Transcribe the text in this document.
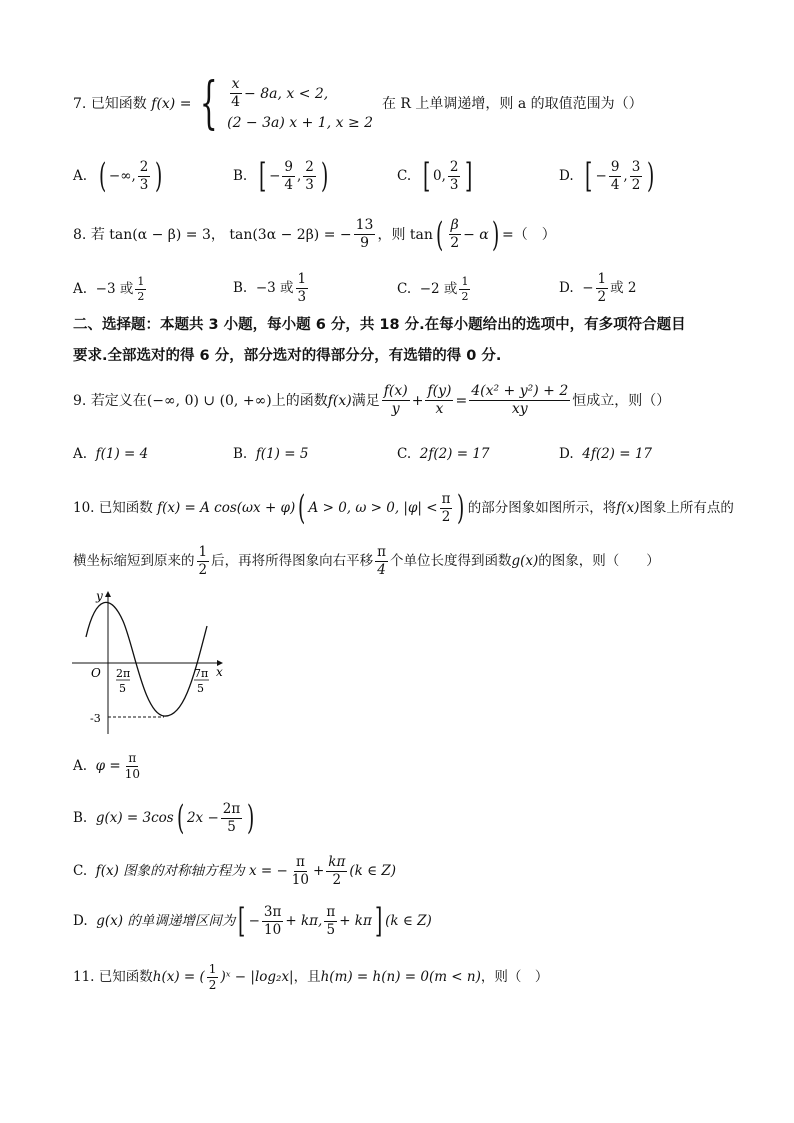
7.
已知函数
f(x)
= { x
4
− 8a, x < 2,
(2 − 3a) x + 1, x ≥ 2

在 R 上单调递增，则 a 的取值范围为（）
A.
( −∞,
2
3 )	B.
[ − $\frac{9}{4}$ ,
2
3 )	C.
[ 0,
2
3 ]	D.
[ − $\frac{9}{4}$ ,
3
2 )
8.
若 tan(α − β) = 3，
tan(3α − 2β) = − $\frac{13}{9}$ ，则 tan ( β
2
− α ) =（　）
A.
−3 或 1
2
B.
−3 或
1
3	C.
−2 或 1
2
D.
− $\frac{1}{2}$ 或 2
二、选择题：本题共 3 小题，每小题 6 分，共 18 分.在每小题给出的选项中，有多项符合题目
要求.全部选对的得 6 分，部分选对的得部分分，有选错的得 0 分.
9.
若定义在 (−∞, 0) ∪ (0, +∞) 上的函数 f(x) 满足
f(x)
y
+ $\frac{f(y)}{x} = \frac{\text{4(x² + y²) + 2}}{xy}$ 恒成立，则（）
A. f(1) = 4	B. f(1) = 5	C. 2f(2) = 17	D. 4f(2) = 17
10.
已知函数
f(x) = A cos(ωx + φ) ( A > 0, ω > 0, |φ| <
π
2 ) 的部分图象如图所示，将 f(x) 图象上所有点的
横坐标缩短到原来的
1
2
后，再将所得图象向右平移
π
4
个单位长度得到函数 g(x) 的图象，则（　　）
y
x
O 2π
5
7π
5
-3
A.
$\varphi = \frac{\pi}{10}$
B.
g(x) = 3cos ( $2x - \frac{2\pi}{5}$ )
C.
f(x) 图象的对称轴方程为 x = − $\frac{\pi}{10} + \frac{k\pi}{2} (k$ ∈ Z)
D.
g(x) 的单调递增区间为 [ − $\frac{3\pi}{10} + k\pi$,
π
5
+ kπ ] (k ∈ Z)
11.
已知函数 h(x) = ( 1
2
)ˣ − |log₂x| ，且 h(m) = h(n) = 0(m < n) ，则（　）
